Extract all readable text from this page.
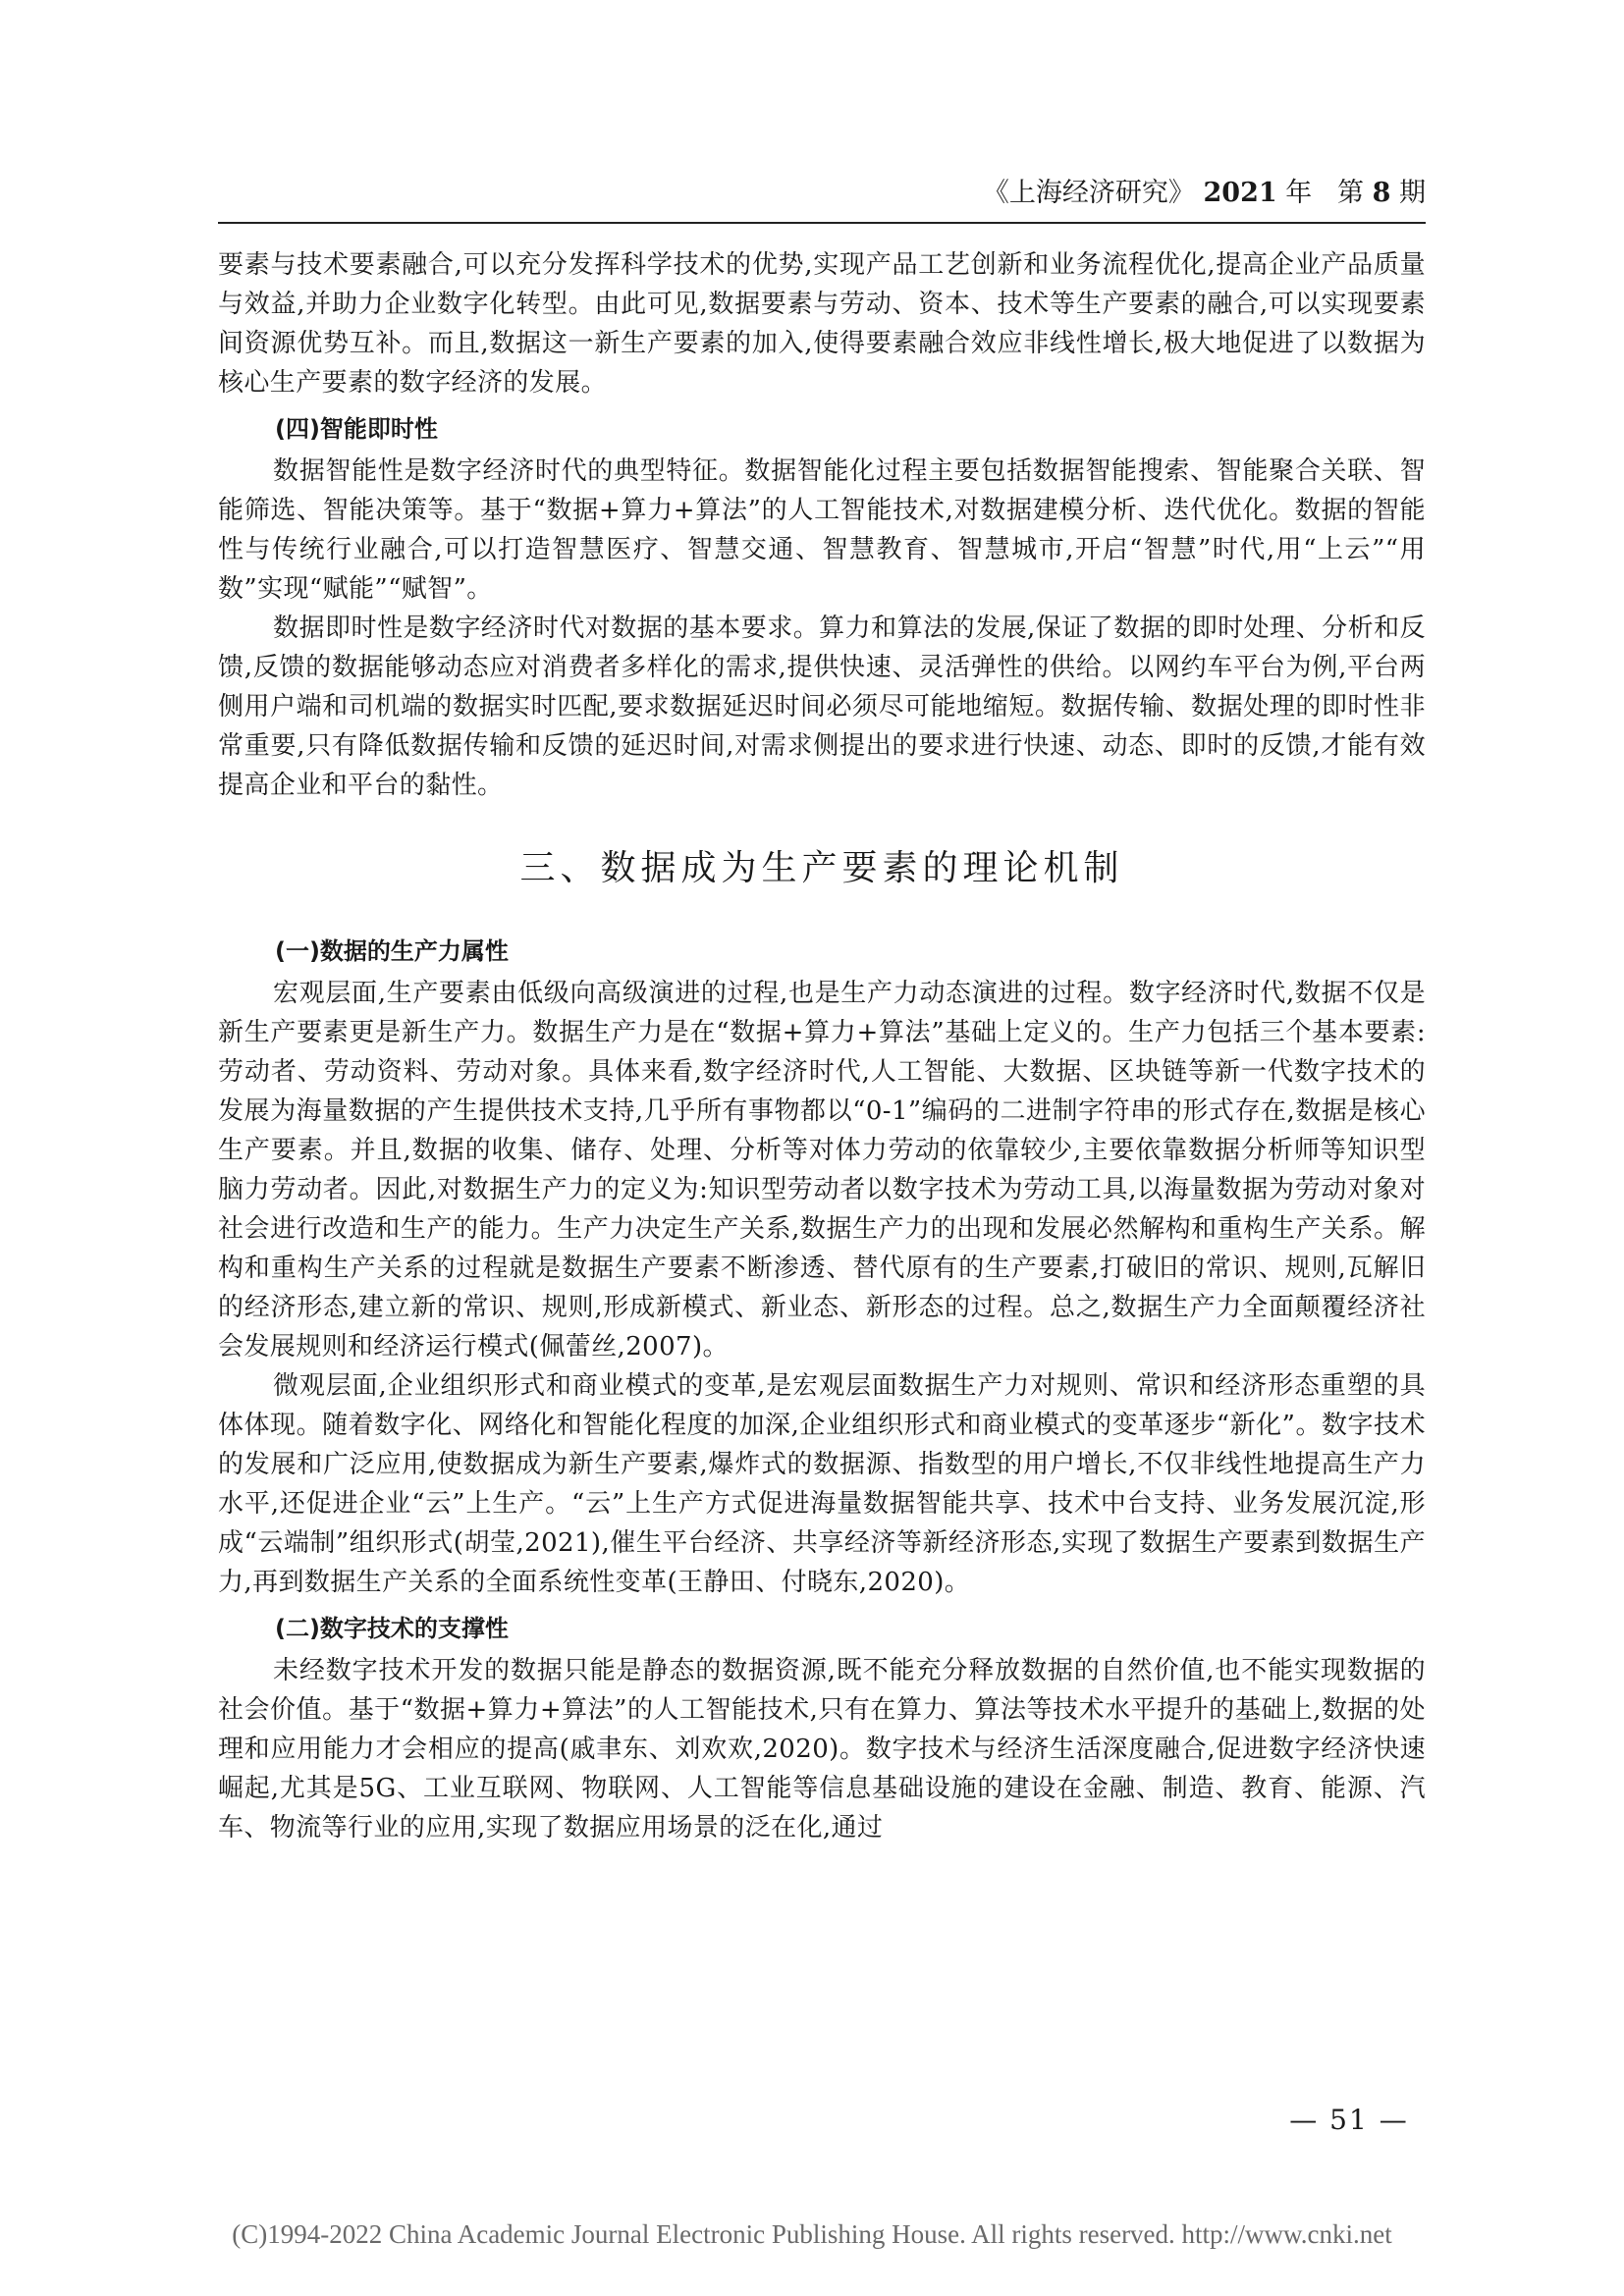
《上海经济研究》 2021 年 第 8 期

要素与技术要素融合,可以充分发挥科学技术的优势,实现产品工艺创新和业务流程优化,提高企业产品质量与效益,并助力企业数字化转型。由此可见,数据要素与劳动、资本、技术等生产要素的融合,可以实现要素间资源优势互补。而且,数据这一新生产要素的加入,使得要素融合效应非线性增长,极大地促进了以数据为核心生产要素的数字经济的发展。

(四)智能即时性

数据智能性是数字经济时代的典型特征。数据智能化过程主要包括数据智能搜索、智能聚合关联、智能筛选、智能决策等。基于“数据+算力+算法”的人工智能技术,对数据建模分析、迭代优化。数据的智能性与传统行业融合,可以打造智慧医疗、智慧交通、智慧教育、智慧城市,开启“智慧”时代,用“上云”“用数”实现“赋能”“赋智”。

数据即时性是数字经济时代对数据的基本要求。算力和算法的发展,保证了数据的即时处理、分析和反馈,反馈的数据能够动态应对消费者多样化的需求,提供快速、灵活弹性的供给。以网约车平台为例,平台两侧用户端和司机端的数据实时匹配,要求数据延迟时间必须尽可能地缩短。数据传输、数据处理的即时性非常重要,只有降低数据传输和反馈的延迟时间,对需求侧提出的要求进行快速、动态、即时的反馈,才能有效提高企业和平台的黏性。

三、数据成为生产要素的理论机制
(一)数据的生产力属性

宏观层面,生产要素由低级向高级演进的过程,也是生产力动态演进的过程。数字经济时代,数据不仅是新生产要素更是新生产力。数据生产力是在“数据+算力+算法”基础上定义的。生产力包括三个基本要素:劳动者、劳动资料、劳动对象。具体来看,数字经济时代,人工智能、大数据、区块链等新一代数字技术的发展为海量数据的产生提供技术支持,几乎所有事物都以“0-1”编码的二进制字符串的形式存在,数据是核心生产要素。并且,数据的收集、储存、处理、分析等对体力劳动的依靠较少,主要依靠数据分析师等知识型脑力劳动者。因此,对数据生产力的定义为:知识型劳动者以数字技术为劳动工具,以海量数据为劳动对象对社会进行改造和生产的能力。生产力决定生产关系,数据生产力的出现和发展必然解构和重构生产关系。解构和重构生产关系的过程就是数据生产要素不断渗透、替代原有的生产要素,打破旧的常识、规则,瓦解旧的经济形态,建立新的常识、规则,形成新模式、新业态、新形态的过程。总之,数据生产力全面颠覆经济社会发展规则和经济运行模式(佩蕾丝,2007)。

微观层面,企业组织形式和商业模式的变革,是宏观层面数据生产力对规则、常识和经济形态重塑的具体体现。随着数字化、网络化和智能化程度的加深,企业组织形式和商业模式的变革逐步“新化”。数字技术的发展和广泛应用,使数据成为新生产要素,爆炸式的数据源、指数型的用户增长,不仅非线性地提高生产力水平,还促进企业“云”上生产。“云”上生产方式促进海量数据智能共享、技术中台支持、业务发展沉淀,形成“云端制”组织形式(胡莹,2021),催生平台经济、共享经济等新经济形态,实现了数据生产要素到数据生产力,再到数据生产关系的全面系统性变革(王静田、付晓东,2020)。

(二)数字技术的支撑性

未经数字技术开发的数据只能是静态的数据资源,既不能充分释放数据的自然价值,也不能实现数据的社会价值。基于“数据+算力+算法”的人工智能技术,只有在算力、算法等技术水平提升的基础上,数据的处理和应用能力才会相应的提高(戚聿东、刘欢欢,2020)。数字技术与经济生活深度融合,促进数字经济快速崛起,尤其是5G、工业互联网、物联网、人工智能等信息基础设施的建设在金融、制造、教育、能源、汽车、物流等行业的应用,实现了数据应用场景的泛在化,通过

— 51 —
(C)1994-2022 China Academic Journal Electronic Publishing House. All rights reserved. http://www.cnki.net
